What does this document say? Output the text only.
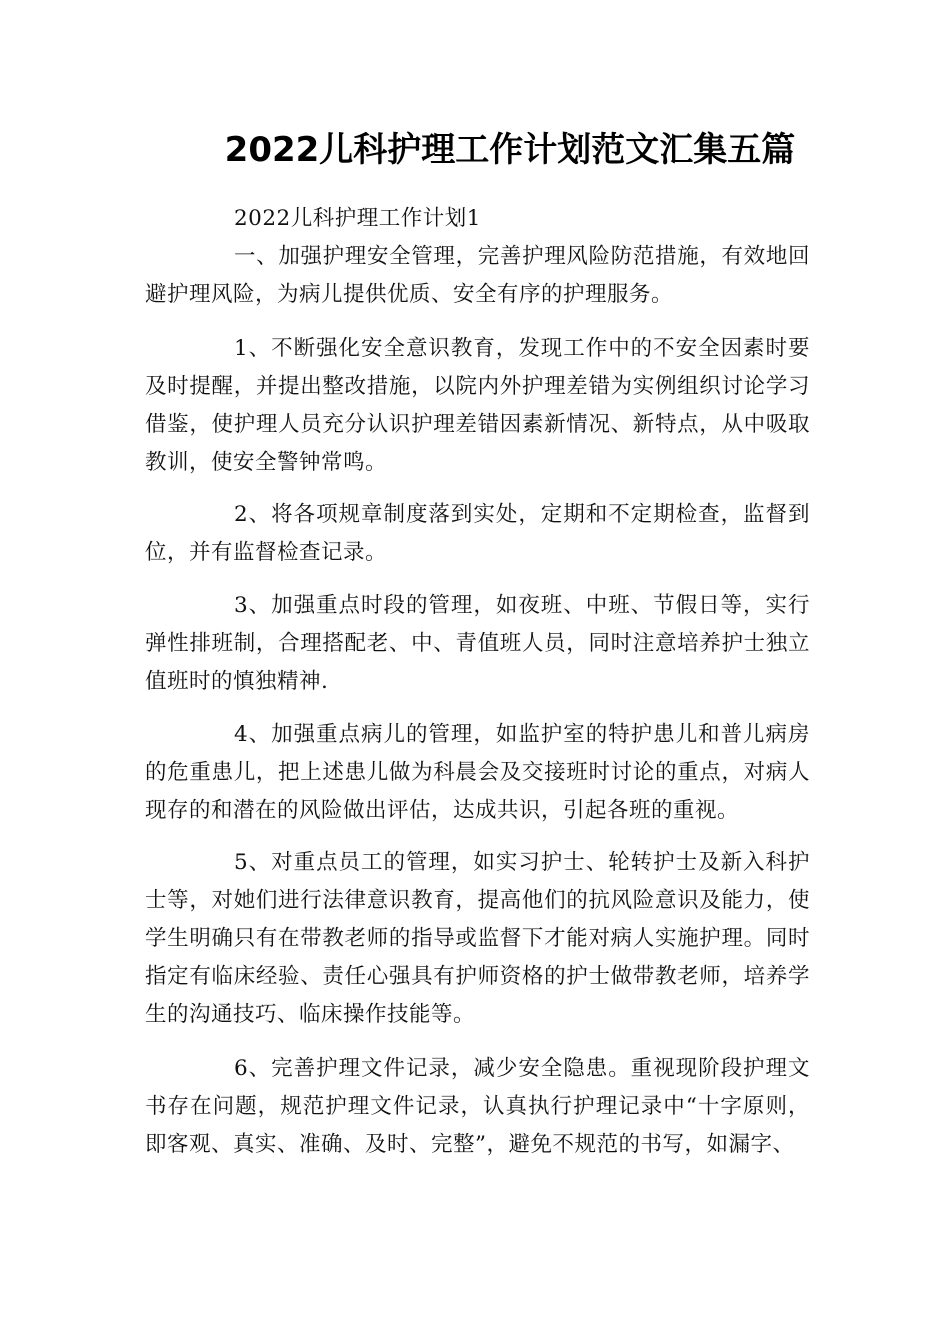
2022儿科护理工作计划范文汇集五篇

2022儿科护理工作计划1

一、加强护理安全管理，完善护理风险防范措施，有效地回避护理风险，为病儿提供优质、安全有序的护理服务。

1、不断强化安全意识教育，发现工作中的不安全因素时要及时提醒，并提出整改措施，以院内外护理差错为实例组织讨论学习借鉴，使护理人员充分认识护理差错因素新情况、新特点，从中吸取教训，使安全警钟常鸣。

2、将各项规章制度落到实处，定期和不定期检查，监督到位，并有监督检查记录。

3、加强重点时段的管理，如夜班、中班、节假日等，实行弹性排班制，合理搭配老、中、青值班人员，同时注意培养护士独立值班时的慎独精神.

4、加强重点病儿的管理，如监护室的特护患儿和普儿病房的危重患儿，把上述患儿做为科晨会及交接班时讨论的重点，对病人现存的和潜在的风险做出评估，达成共识，引起各班的重视。

5、对重点员工的管理，如实习护士、轮转护士及新入科护士等，对她们进行法律意识教育，提高他们的抗风险意识及能力，使学生明确只有在带教老师的指导或监督下才能对病人实施护理。同时指定有临床经验、责任心强具有护师资格的护士做带教老师，培养学生的沟通技巧、临床操作技能等。

6、完善护理文件记录，减少安全隐患。重视现阶段护理文书存在问题，规范护理文件记录，认真执行护理记录中“十字原则，即客观、真实、准确、及时、完整”，避免不规范的书写，如漏字、
